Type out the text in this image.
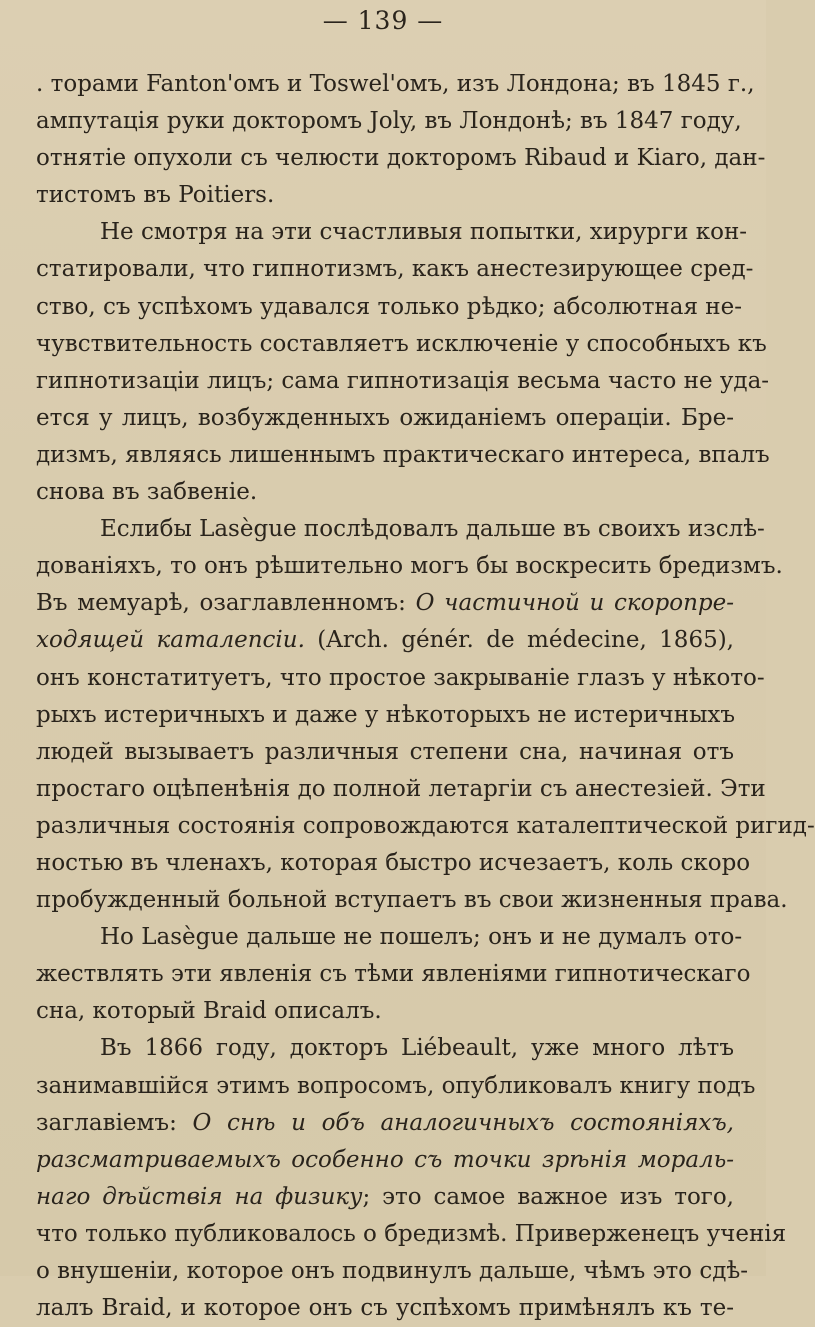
— 139 —
. торами Fanton'омъ и Toswel'омъ, изъ Лондона; въ 1845 г.,
ампутація руки докторомъ Joly, въ Лондонѣ; въ 1847 году,
отнятіе опухоли съ челюсти докторомъ Ribaud и Kiaro, дан-
тистомъ въ Poitiers.
Не смотря на эти счастливыя попытки, хирурги кон-
статировали, что гипнотизмъ, какъ анестезирующее сред-
ство, съ успѣхомъ удавался только рѣдко; абсолютная не-
чувствительность составляетъ исключеніе у способныхъ къ
гипнотизаціи лицъ; сама гипнотизація весьма часто не уда-
ется у лицъ, возбужденныхъ ожиданіемъ операціи. Бре-
дизмъ, являясь лишеннымъ практическаго интереса, впалъ
снова въ забвеніе.
Еслибы Lasègue послѣдовалъ дальше въ своихъ изслѣ-
дованіяхъ, то онъ рѣшительно могъ бы воскресить бредизмъ.
Въ мемуарѣ, озаглавленномъ: О частичной и скоропре-
ходящей каталепсіи. (Arch. génér. de médecine, 1865),
онъ констатитуетъ, что простое закрываніе глазъ у нѣкото-
рыхъ истеричныхъ и даже у нѣкоторыхъ не истеричныхъ
людей вызываетъ различныя степени сна, начиная отъ
простаго оцѣпенѣнія до полной летаргіи съ анестезіей. Эти
различныя состоянія сопровождаются каталептической ригид-
ностью въ членахъ, которая быстро исчезаетъ, коль скоро
пробужденный больной вступаетъ въ свои жизненныя права.
Но Lasègue дальше не пошелъ; онъ и не думалъ ото-
жествлять эти явленія съ тѣми явленіями гипнотическаго
сна, который Braid описалъ.
Въ 1866 году, докторъ Liébeault, уже много лѣтъ
занимавшійся этимъ вопросомъ, опубликовалъ книгу подъ
заглавіемъ: О снѣ и объ аналогичныхъ состояніяхъ,
разсматриваемыхъ особенно съ точки зрѣнія мораль-
наго дѣйствія на физику; это самое важное изъ того,
что только публиковалось о бредизмѣ. Приверженецъ ученія
о внушеніи, которое онъ подвинулъ дальше, чѣмъ это сдѣ-
лалъ Braid, и которое онъ съ успѣхомъ примѣнялъ къ те-
